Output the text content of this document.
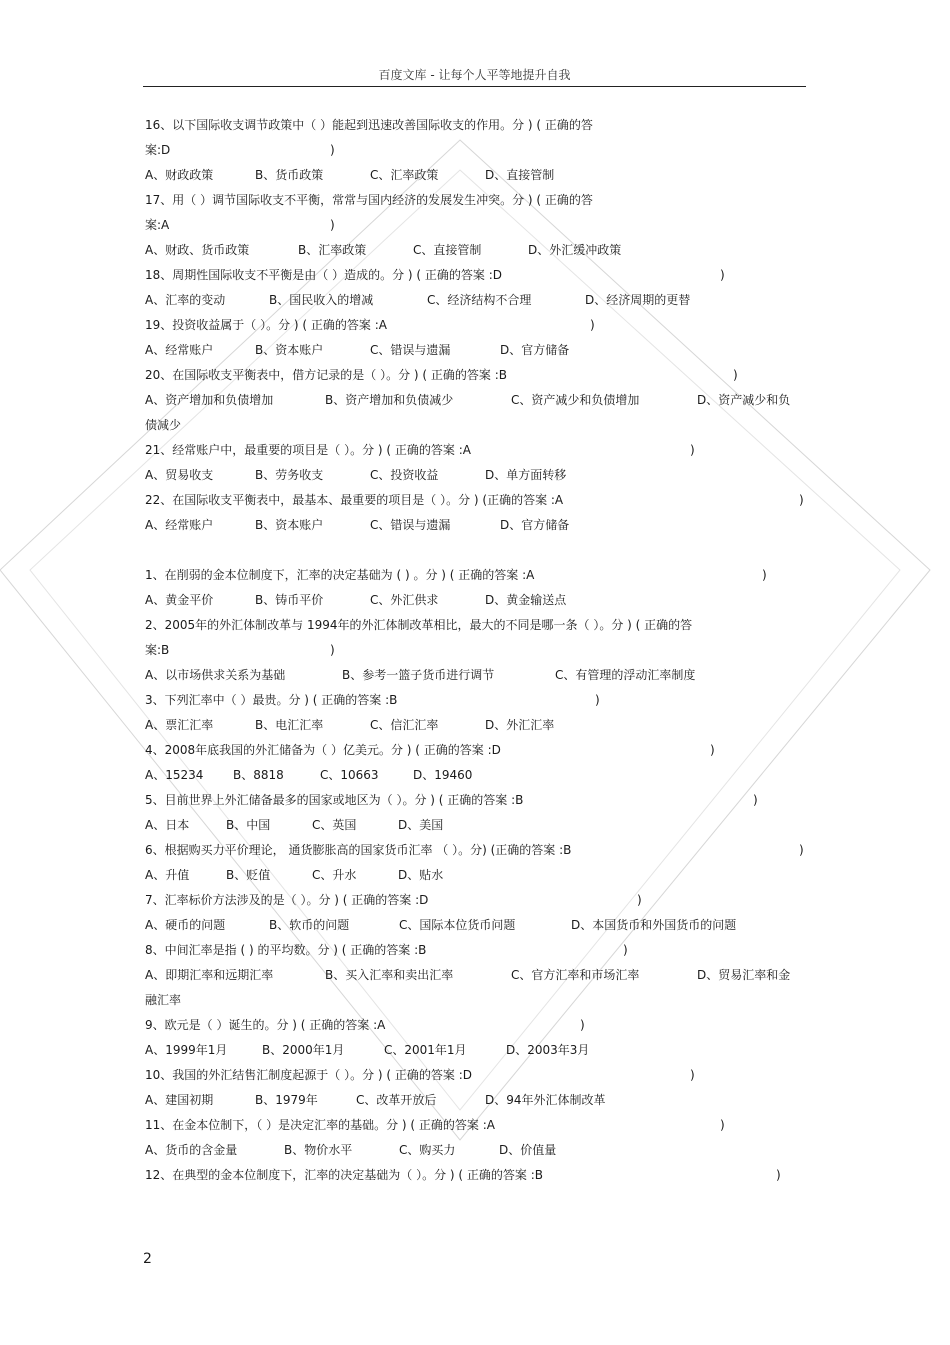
百度文库 - 让每个人平等地提升自我
16、以下国际收支调节政策中（ ）能起到迅速改善国际收支的作用。分 ) ( 正确的答
案:D	)
A、财政政策	B、货币政策	C、汇率政策	D、直接管制
17、用（ ）调节国际收支不平衡，常常与国内经济的发展发生冲突。分 ) ( 正确的答
案:A	)
A、财政、货币政策	B、汇率政策	C、直接管制	D、外汇缓冲政策
18、周期性国际收支不平衡是由（ ）造成的。分 ) ( 正确的答案 :D	)
A、汇率的变动	B、国民收入的增减	C、经济结构不合理	D、经济周期的更替
19、投资收益属于（ ）。分 ) ( 正确的答案 :A	)
A、经常账户	B、资本账户	C、错误与遗漏	D、官方储备
20、在国际收支平衡表中，借方记录的是（ ）。分 ) ( 正确的答案 :B	)
A、资产增加和负债增加	B、资产增加和负债减少	C、资产减少和负债增加	D、资产减少和负
债减少
21、经常账户中，最重要的项目是（ ）。分 ) ( 正确的答案 :A	)
A、贸易收支	B、劳务收支	C、投资收益	D、单方面转移
22、在国际收支平衡表中，最基本、最重要的项目是（ ）。分 ) (正确的答案 :A	)
A、经常账户	B、资本账户	C、错误与遗漏	D、官方储备
1、在削弱的金本位制度下，汇率的决定基础为 ( ) 。分 ) ( 正确的答案 :A	)
A、黄金平价	B、铸币平价	C、外汇供求	D、黄金输送点
2、2005年的外汇体制改革与 1994年的外汇体制改革相比，最大的不同是哪一条（ ）。分 ) ( 正确的答
案:B	)
A、以市场供求关系为基础	B、参考一篮子货币进行调节	C、有管理的浮动汇率制度
3、下列汇率中（ ）最贵。分 ) ( 正确的答案 :B	)
A、票汇汇率	B、电汇汇率	C、信汇汇率	D、外汇汇率
4、2008年底我国的外汇储备为（ ）亿美元。分 ) ( 正确的答案 :D	)
A、15234 B、8818	C、10663	D、19460
5、目前世界上外汇储备最多的国家或地区为（ ）。分 ) ( 正确的答案 :B	)
A、日本	B、中国	C、英国	D、美国
6、根据购买力平价理论， 通货膨胀高的国家货币汇率 （ ）。分) (正确的答案 :B	)
A、升值	B、贬值	C、升水	D、贴水
7、汇率标价方法涉及的是（ ）。分 ) ( 正确的答案 :D	)
A、硬币的问题	B、软币的问题	C、国际本位货币问题	D、本国货币和外国货币的问题
8、中间汇率是指 ( ) 的平均数。分 ) ( 正确的答案 :B	)
A、即期汇率和远期汇率	B、买入汇率和卖出汇率	C、官方汇率和市场汇率	D、贸易汇率和金
融汇率
9、欧元是（ ）诞生的。分 ) ( 正确的答案 :A	)
A、1999年1月	B、2000年1月	C、2001年1月	D、2003年3月
10、我国的外汇结售汇制度起源于（ ）。分 ) ( 正确的答案 :D	)
A、建国初期	B、1979年	C、改革开放后	D、94年外汇体制改革
11、在金本位制下，（ ）是决定汇率的基础。分 ) ( 正确的答案 :A	)
A、货币的含金量	B、物价水平	C、购买力	D、价值量
12、在典型的金本位制度下，汇率的决定基础为（ ）。分 ) ( 正确的答案 :B	)
2
